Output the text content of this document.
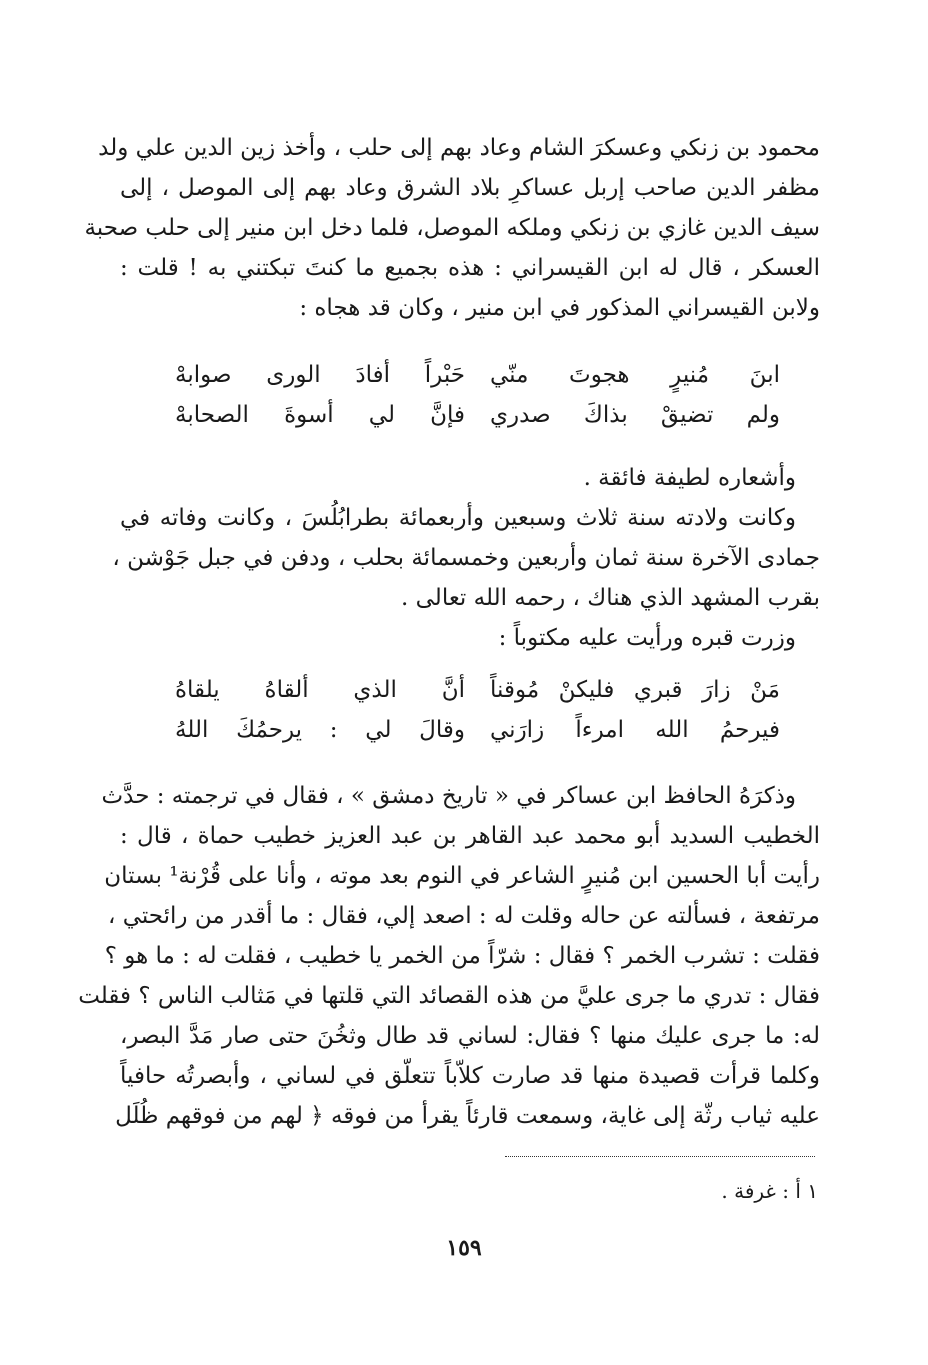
محمود بن زنكي وعسكرَ الشام وعاد بهم إلى حلب ، وأخذ زين الدين علي ولد
مظفر الدين صاحب إربل عساكرِ بلاد الشرق وعاد بهم إلى الموصل ، إلى
سيف الدين غازي بن زنكي وملكه الموصل، فلما دخل ابن منير إلى حلب صحبة
العسكر ، قال له ابن القيسراني : هذه بجميع ما كنتَ تبكتني به ! قلت :
ولابن القيسراني المذكور في ابن منير ، وكان قد هجاه :
ابنَ مُنيرٍ هجوتَ منّي
حَبْراً أفادَ الورى صوابهْ
ولم تضيقْ بذاكَ صدري
فإنَّ لي أسوةَ الصحابهْ
وأشعاره لطيفة فائقة .
وكانت ولادته سنة ثلاث وسبعين وأربعمائة بطرابُلُسَ ، وكانت وفاته في
جمادى الآخرة سنة ثمان وأربعين وخمسمائة بحلب ، ودفن في جبل جَوْشن ،
بقرب المشهد الذي هناك ، رحمه الله تعالى .
وزرت قبره ورأيت عليه مكتوباً :
مَنْ زارَ قبري فليكنْ مُوقناً
أنَّ الذي ألقاهُ يلقاهُ
فيرحمُ الله امرءاً زارَني
وقالَ لي : يرحمُكَ اللهُ
وذكرَهُ الحافظ ابن عساكر في « تاريخ دمشق » ، فقال في ترجمته : حدَّث
الخطيب السديد أبو محمد عبد القاهر بن عبد العزيز خطيب حماة ، قال :
رأيت أبا الحسين ابن مُنيرٍ الشاعر في النوم بعد موته ، وأنا على قُرْنة¹ بستان
مرتفعة ، فسألته عن حاله وقلت له : اصعد إلي، فقال : ما أقدر من رائحتي ،
فقلت : تشرب الخمر ؟ فقال : شرّاً من الخمر يا خطيب ، فقلت له : ما هو ؟
فقال : تدري ما جرى عليَّ من هذه القصائد التي قلتها في مَثالب الناس ؟ فقلت
له: ما جرى عليك منها ؟ فقال: لساني قد طال وثخُنَ حتى صار مَدَّ البصر،
وكلما قرأت قصيدة منها قد صارت كلاّباً تتعلّق في لساني ، وأبصرتُه حافياً
عليه ثياب رثّة إلى غاية، وسمعت قارئاً يقرأ من فوقه ﴿ لهم من فوقهم ظُلَل
١ أ : غرفة .
١٥٩
